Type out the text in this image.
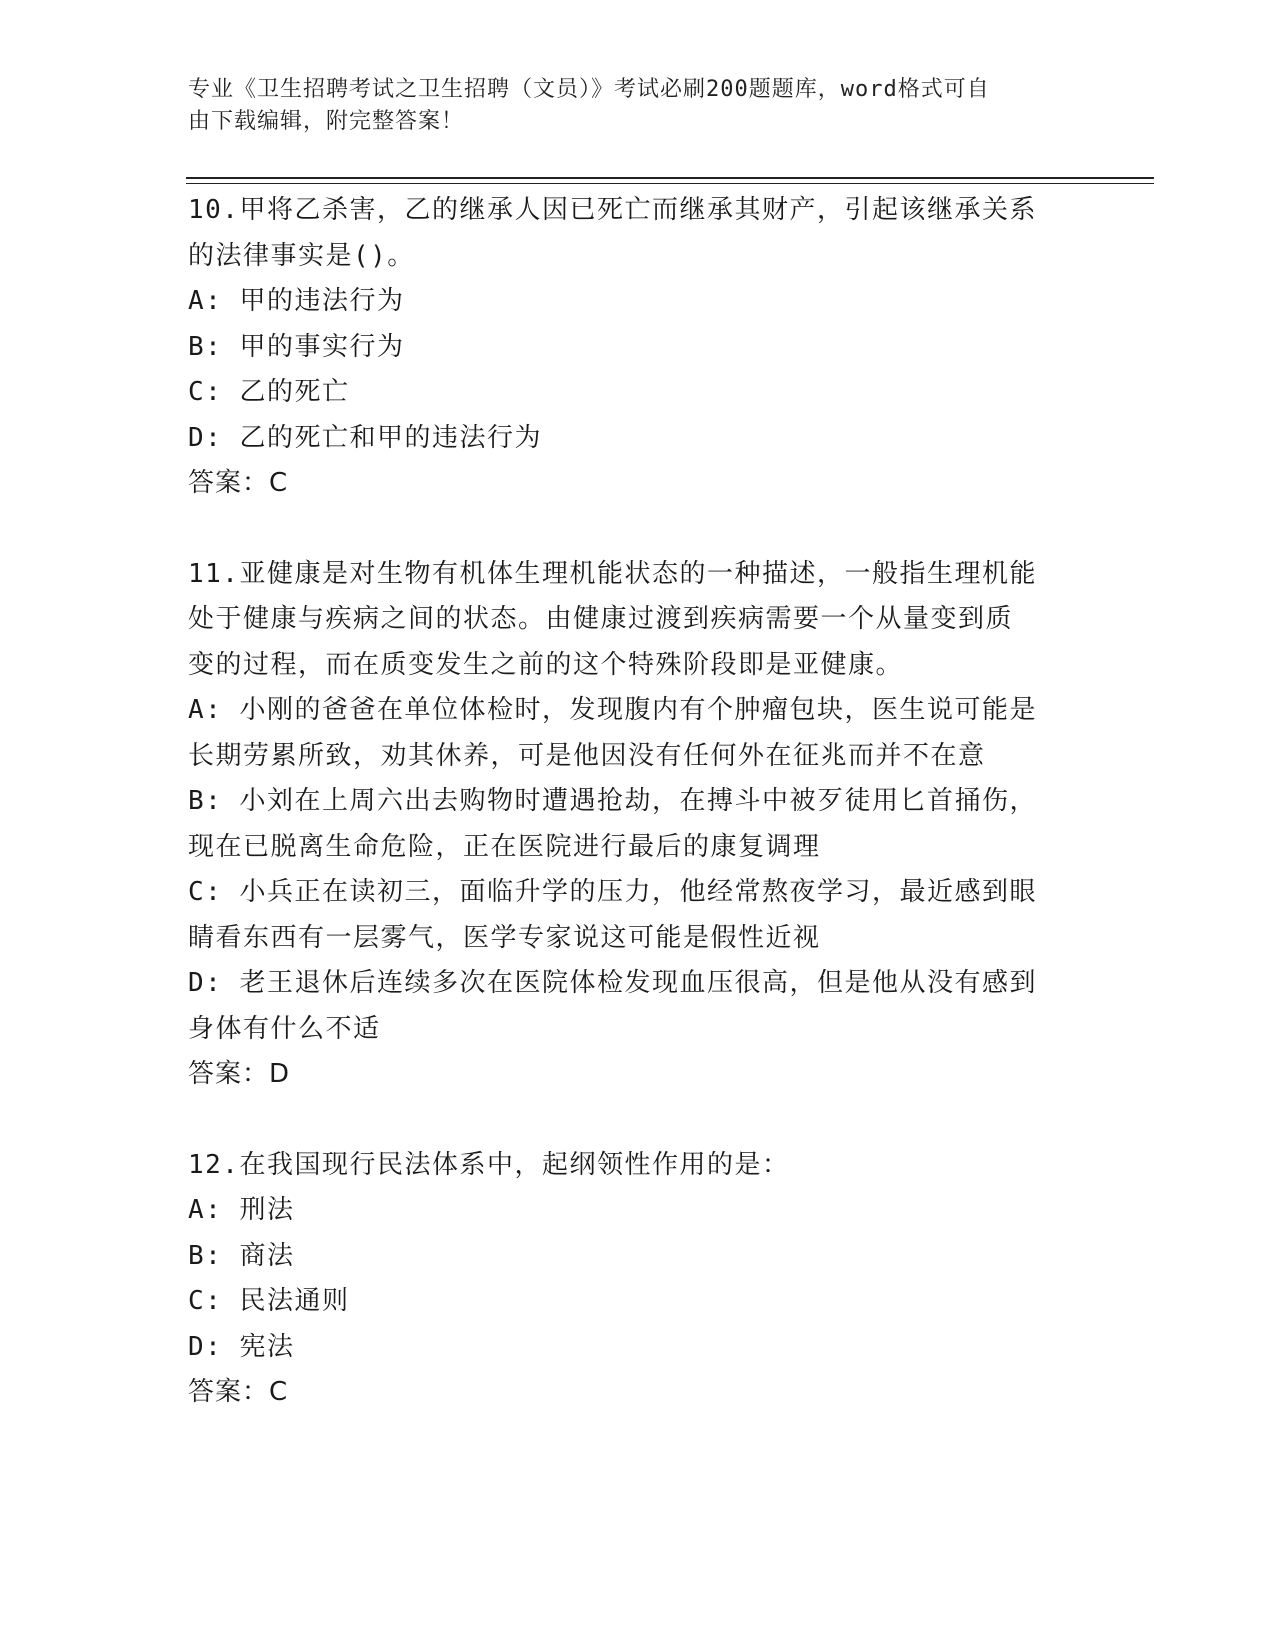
专业《卫生招聘考试之卫生招聘（文员）》考试必刷200题题库，word格式可自
由下载编辑，附完整答案！
10.甲将乙杀害，乙的继承人因已死亡而继承其财产，引起该继承关系
的法律事实是()。
A: 甲的违法行为
B: 甲的事实行为
C: 乙的死亡
D: 乙的死亡和甲的违法行为
答案：C
11.亚健康是对生物有机体生理机能状态的一种描述，一般指生理机能
处于健康与疾病之间的状态。由健康过渡到疾病需要一个从量变到质
变的过程，而在质变发生之前的这个特殊阶段即是亚健康。
A: 小刚的爸爸在单位体检时，发现腹内有个肿瘤包块，医生说可能是
长期劳累所致，劝其休养，可是他因没有任何外在征兆而并不在意
B: 小刘在上周六出去购物时遭遇抢劫，在搏斗中被歹徒用匕首捅伤，
现在已脱离生命危险，正在医院进行最后的康复调理
C: 小兵正在读初三，面临升学的压力，他经常熬夜学习，最近感到眼
睛看东西有一层雾气，医学专家说这可能是假性近视
D: 老王退休后连续多次在医院体检发现血压很高，但是他从没有感到
身体有什么不适
答案：D
12.在我国现行民法体系中，起纲领性作用的是：
A: 刑法
B: 商法
C: 民法通则
D: 宪法
答案：C
